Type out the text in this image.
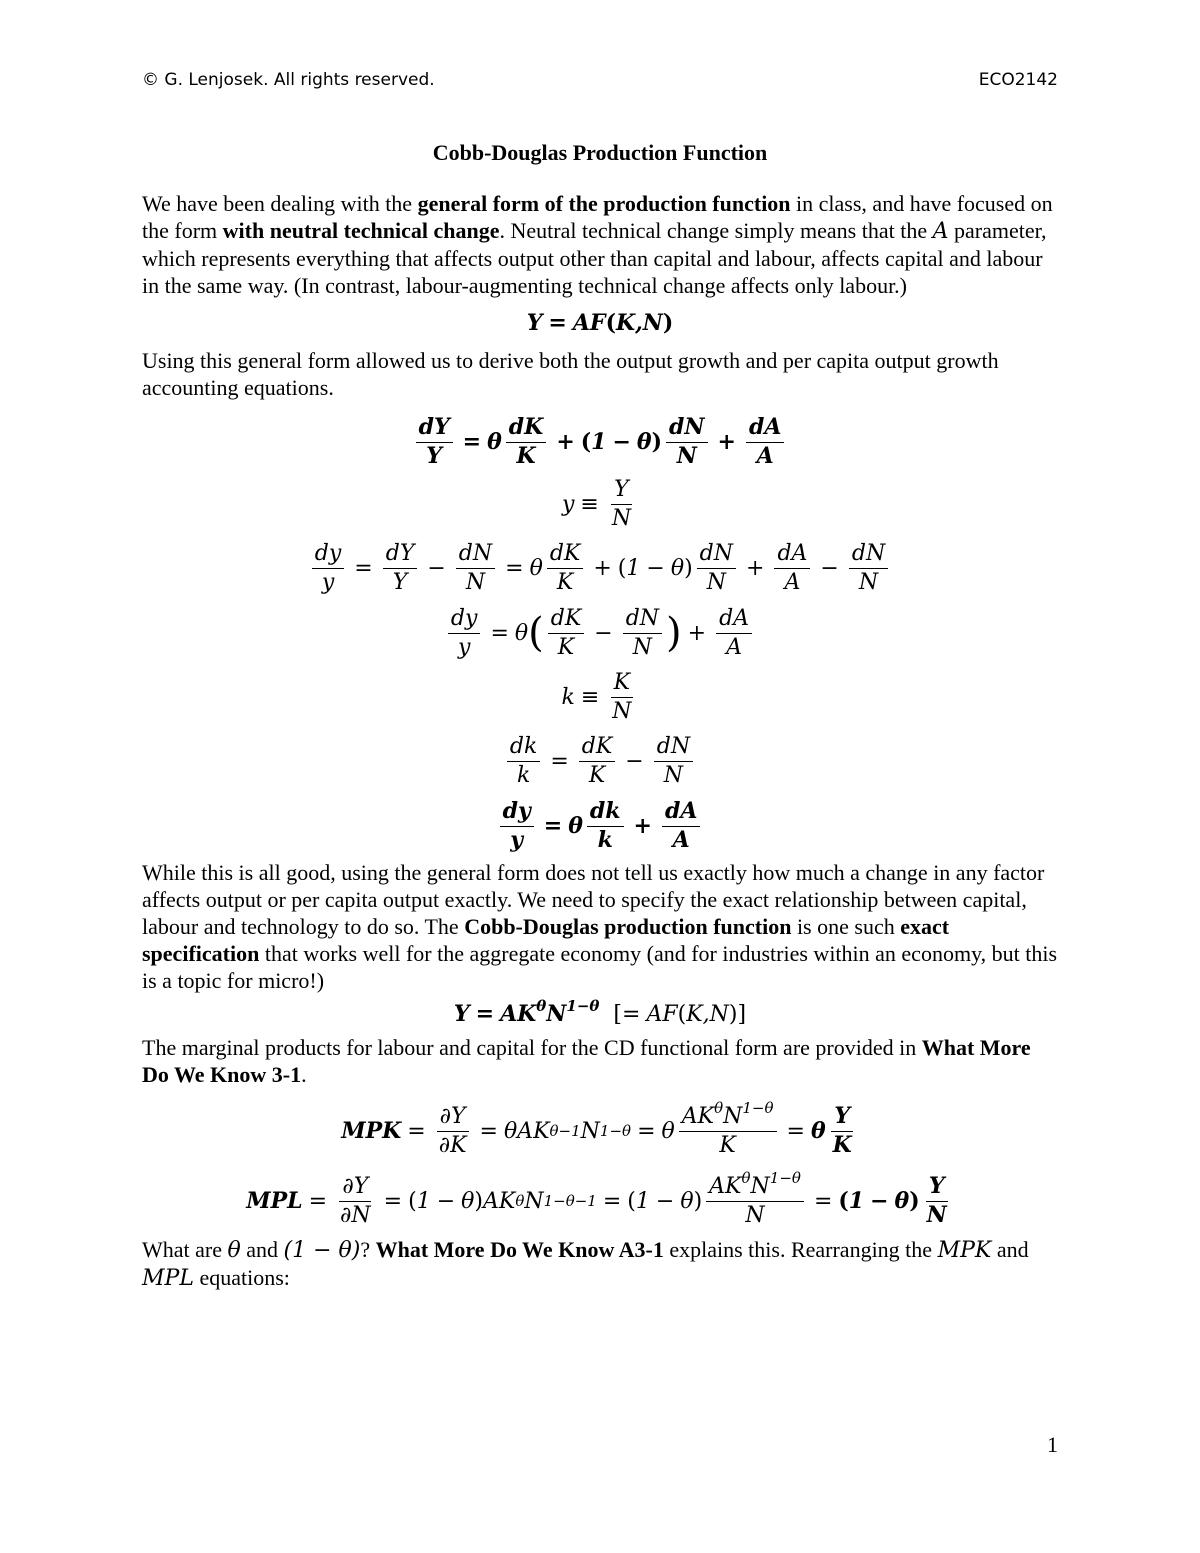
© G. Lenjosek. All rights reserved.	ECO2142
Cobb-Douglas Production Function

We have been dealing with the general form of the production function in class, and have focused on the form with neutral technical change. Neutral technical change simply means that the A parameter, which represents everything that affects output other than capital and labour, affects capital and labour in the same way. (In contrast, labour-augmenting technical change affects only labour.)

Y = AF ( K,N )

Using this general form allowed us to derive both the output growth and per capita output growth accounting equations.

$\frac{dY}{Y} = \theta \frac{dK}{K}$ + ( 1 − θ )
dN
N
+ $\frac{dA}{A}$
y ≡
Y
N
$\frac{dy}{y} = \frac{dY}{Y} - \frac{dN}{N} = \theta \frac{dK}{K}$ + ( 1 − θ )
dN
N
+ $\frac{dA}{A} - \frac{dN}{N}$
$\frac{dy}{y} = \theta$ ( dK
K
− $\frac{dN}{N}$ ) + $\frac{dA}{A}$
k ≡
K
N
$\frac{dk}{k} = \frac{dK}{K} - \frac{dN}{N}$
$\frac{dy}{y} = \theta \frac{dk}{k} + \frac{dA}{A}$

While this is all good, using the general form does not tell us exactly how much a change in any factor affects output or per capita output exactly. We need to specify the exact relationship between capital, labour and technology to do so. The Cobb-Douglas production function is one such exact specification that works well for the aggregate economy (and for industries within an economy, but this is a topic for micro!)

$Y = AK^\theta N^{1-\theta}$
[ = AF ( K,N )]

The marginal products for labour and capital for the CD functional form are provided in What More Do We Know 3-1.

MPK = $\frac{\partial Y}{\partial K} = \theta AK$ θ−1 N 1−θ = θ
$AK^\theta N^{1-\theta}$
K
= θ
Y
K
MPL = $\frac{\partial Y}{\partial N}$ = ( 1 − θ ) AK θ N 1−θ−1 = ( 1 − θ )
$AK^\theta N^{1-\theta}$
N
= (1 − θ)
Y
N

What are θ and (1 − θ)? What More Do We Know A3-1 explains this. Rearranging the MPK and MPL equations:

1
